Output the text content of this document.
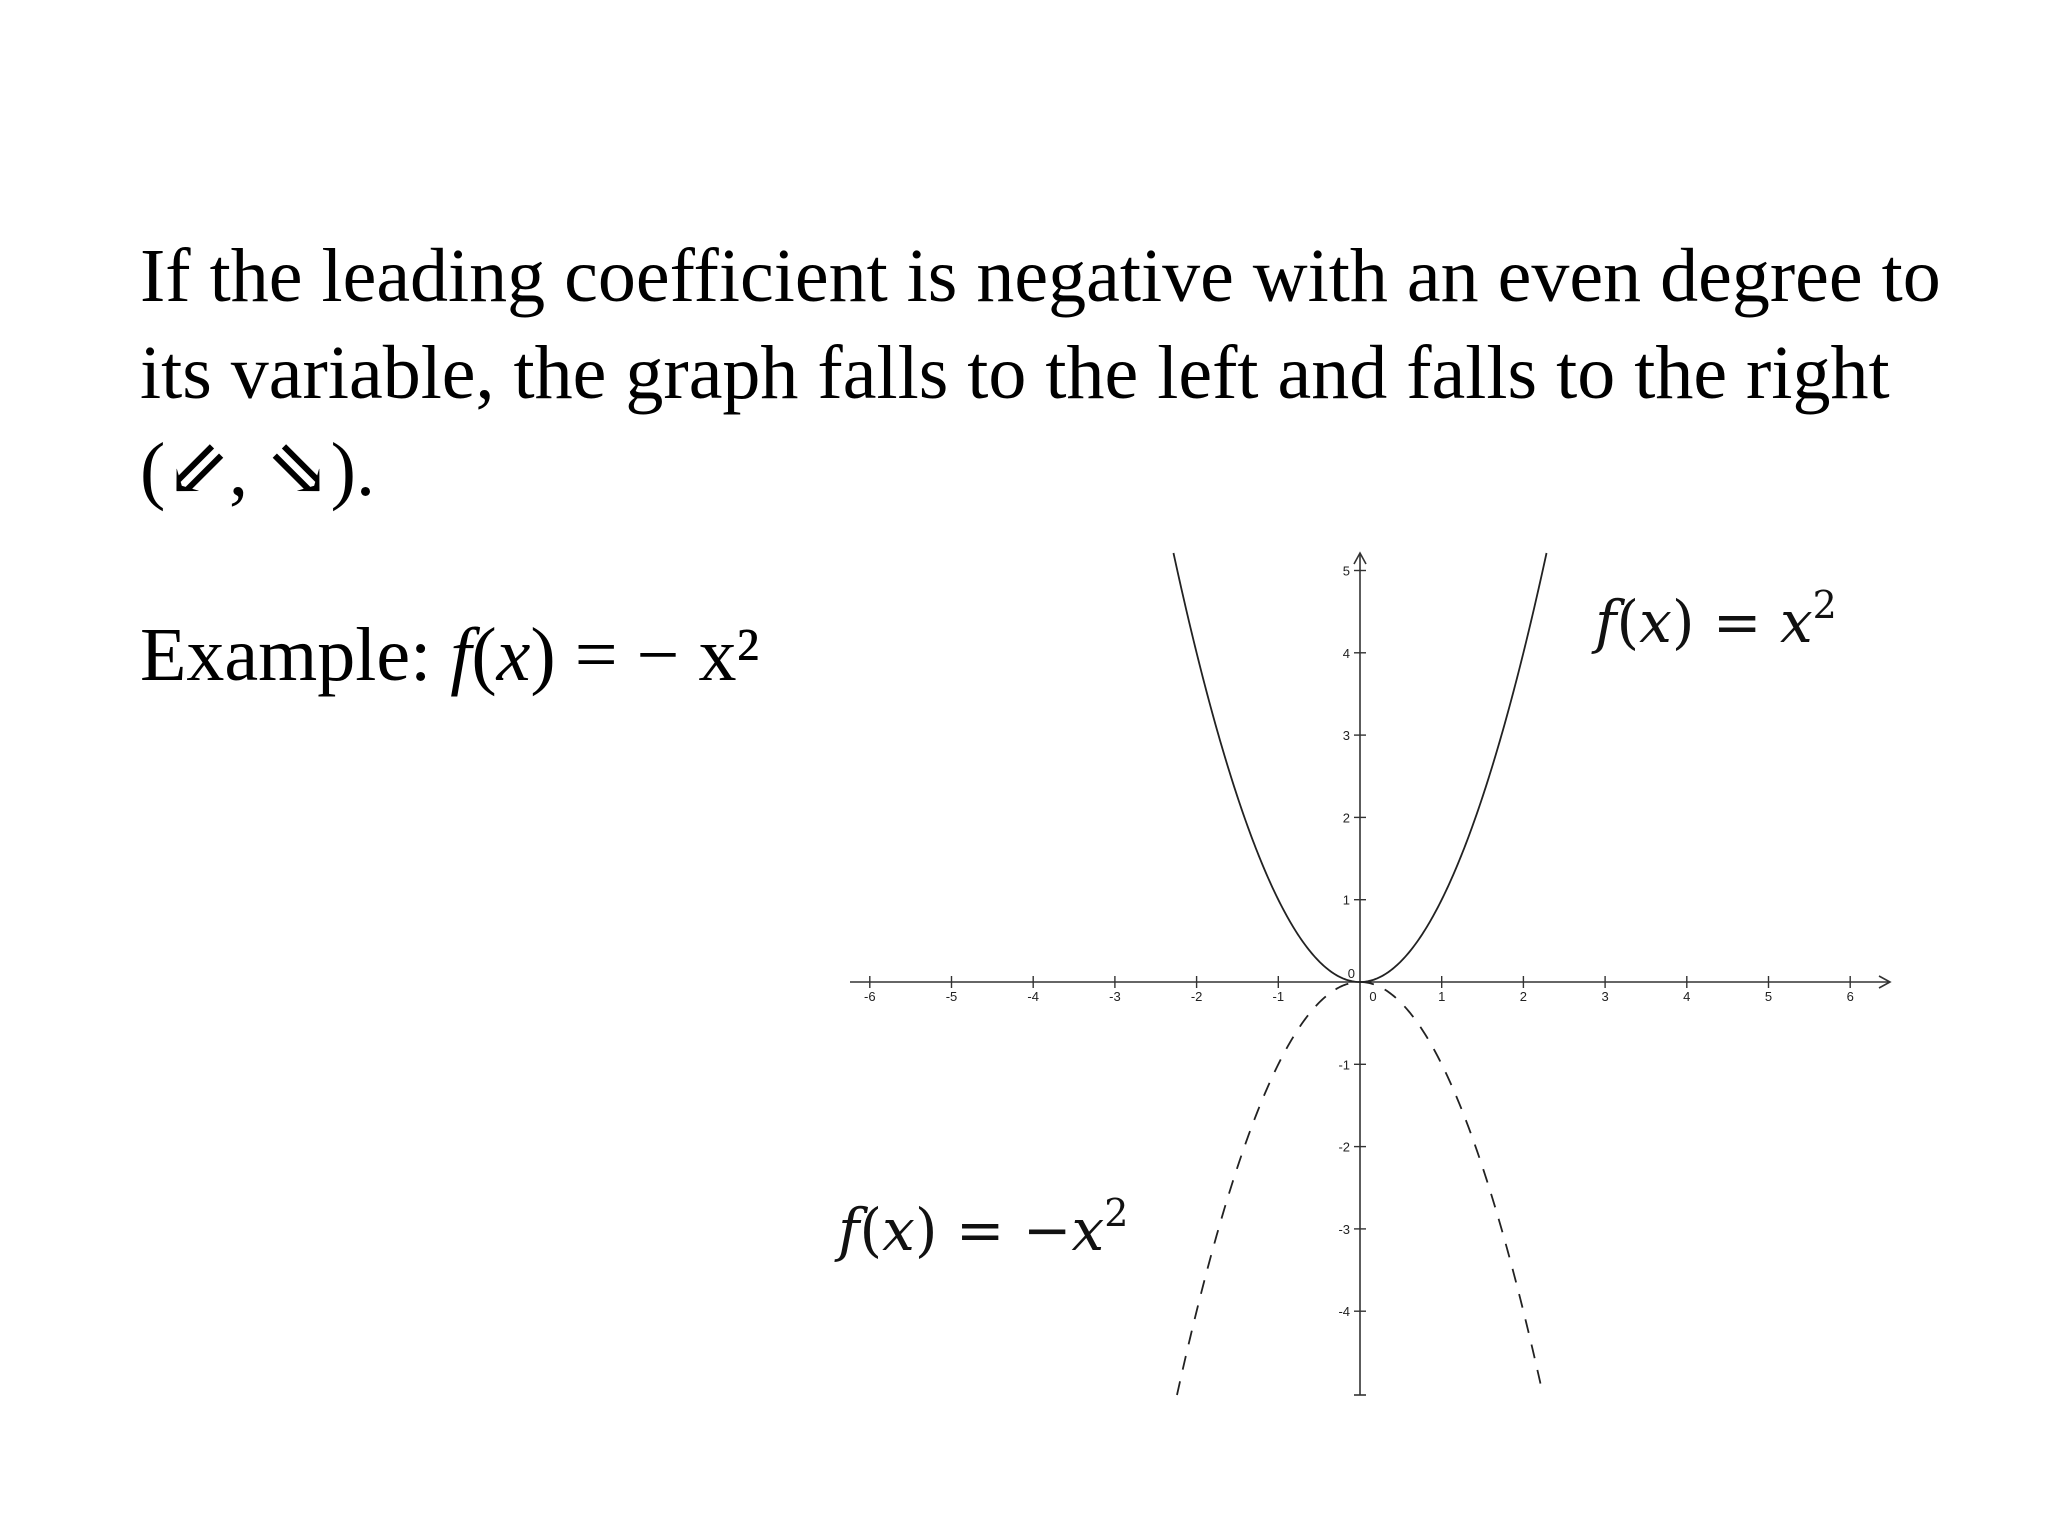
If the leading coefficient is negative with an even degree to its variable, the graph falls to the left and falls to the right (⇙, ⇘).

Example: f(x) = − x²
-6	-5	-4	-3	-2	-1	0	1	2	3	4	5	6
5
4
3
2
1
0
-1
-2
-3
-4
$f(x) = x^2$
$f(x) = -x^2$
